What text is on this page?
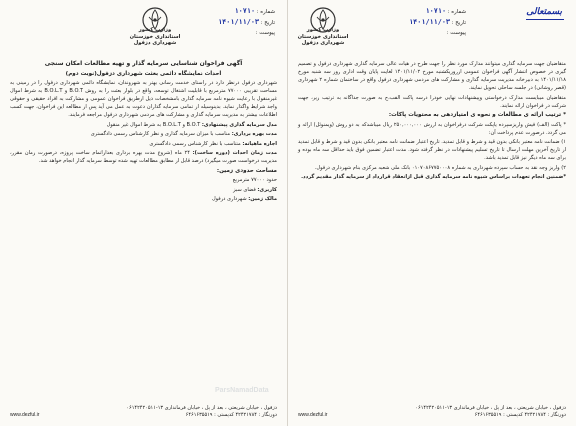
شماره : ۱۰۷۱۰
تاریخ : ۱۴۰۱/۱۱/۰۳
پیوست :
وزارت کشور
استانداری خوزستان
شهرداری دزفول

آگهی فراخوان شناسایی سرمایه گذار و تهیه مطالعات امکان سنجی

احداث نمایشگاه دائمی بعثت شهرداری دزفول(نوبت دوم)

شهرداری دزفول درنظر دارد در راستای خدمت رسانی بهتر به شهروندان، نمایشگاه دائمی شهرداری دزفول را در زمینی به مساحت تقریبی ۷۷۰۰۰ مترمربع با قابلیت اشتغال توسعه، واقع در بلوار بعثت را به روش B.O.T و B.O.L.T به شرط اموال غیرمنقول با رعایت شیوه نامه سرمایه گذاری بامشخصات ذیل ازطریق فراخوان عمومی و مشارکت به افراد حقیقی و حقوقی واجد شرایط واگذار نماید. بدینوسیله از تمامی سرمایه گذاران دعوت به عمل می آید پس از مطالعه این فراخوان، جهت کسب اطلاعات بیشتر به مدیریت سرمایه گذاری و مشارکت های مردمی شهرداری دزفول مراجعه فرمایند.

مدل سرمایه گذاری پیشنهادی: B.O.T و B.O.L.T به شرط اموال غیر منقول

مدت بهره برداری: مناسب با میزان سرمایه گذاری و نظر کارشناس رسمی دادگستری

اجاره ماهیانه: متناسب با نظر کارشناس رسمی دادگستری

مدت زمان احداث (دوره ساخت): ۲۴ ماه (شروع مدت بهره برداری بعدازاتمام ساخت پروژه، درصورت زمان مقرر، مدیریت درخواست صورت میگیرد) درصد قابل از مطابق مطالعات تهیه شده توسط سرمایه گذار انجام خواهد شد.

مساحت حدودی زمین:

حدود ۷۷۰۰۰ مترمربع

کاربری: فضای سبز

مالک زمین: شهرداری دزفول

دزفول ، خیابان شریعتی ، بعد از پل ، خیابان فرمانداری ۱۳-۰۶۱۴۲۴۲۰۵۱۱
دورنگار : ۴۲۴۲۱۷۸۴ کدپستی : ۶۴۶۱۶۳۵۵۱۹
www.dezful.ir
بسمتعالی
شماره : ۱۰۷۱۰
تاریخ : ۱۴۰۱/۱۱/۰۳
پیوست :
وزارت کشور
استانداری خوزستان
شهرداری دزفول

متقاضیان جهت سرمایه گذاری میتوانند مدارک مورد نظر را جهت طرح در هیات عالی سرمایه گذاری شهرداری دزفول و تصمیم گیری در خصوص انتشار آگهی فراخوان عمومی ازروزیکشنبه مورخ ۱۴۰۱/۱۱/۰۲ لغایت پایان وقت اداری روز سه شنبه مورخ ۱۴۰۱/۱۱/۱۸ به دبیرخانه مدیریت سرمایه گذاری و مشارکت های مردمی شهرداری دزفول واقع در ساختمان شماره ۲ شهرداری (قصر روشانی) در جلسه ساحلی تحویل نمایند.

متقاضیان میبایست مدارک درخواستی وپیشنهادات نهایی خودرا درسه پاکت الفب،ج به صورت جداگانه به ترتیب زیر، جهت شرکت در فراخوان ارائه نمایند.

* ترتیب ارائه ی مطالعات و نحوه ی امتیازدهی به محتویات پاکات:

* پاکت (الف) فیش واریزسپرده یاپکت شرکت درفراخوان به ارزش ۲۵۰,۰۰۰,۰۰۰ ریال میباشدکه به دو روش (ویمنوئل) ارائه و می گردد. درصورت عدم پرداخت آن:

۱) ضمانت نامه معتبر بانکی بدون قید و شرط و قابل تمدید. تاریخ اعتبار ضمانت نامه معتبر بانکی بدون قید و شرط و قابل تمدید از تاریخ آخرین مهلت ارسال تا تاریخ تسلیم پیشنهادات در نظر گرفته شود. مدت اعتبار تضمین فوق باید حداقل سه ماه بوده و برای سه ماه دیگر نیز قابل تمدید باشد.

۲) واریز وجه نقد به حساب سپرده شهرداری به شماره ۰۱۰۷۰۸۶۷۷۵۰۰۰۸ بانک ملی شعبه مرکزی بنام شهرداری دزفول.

*ضمنین انجام تعهدات براساس شیوه نامه سرمایه گذاری قبل ازانعقاد قرارداد از سرمایه گذار مقدیم گردد.

دزفول ، خیابان شریعتی ، بعد از پل ، خیابان فرمانداری ۱۳-۰۶۱۴۲۴۲۰۵۱۱
دورنگار : ۴۲۴۲۱۷۸۴ کدپستی : ۶۴۶۱۶۳۵۵۱۹
www.dezful.ir
ParsNamadData
